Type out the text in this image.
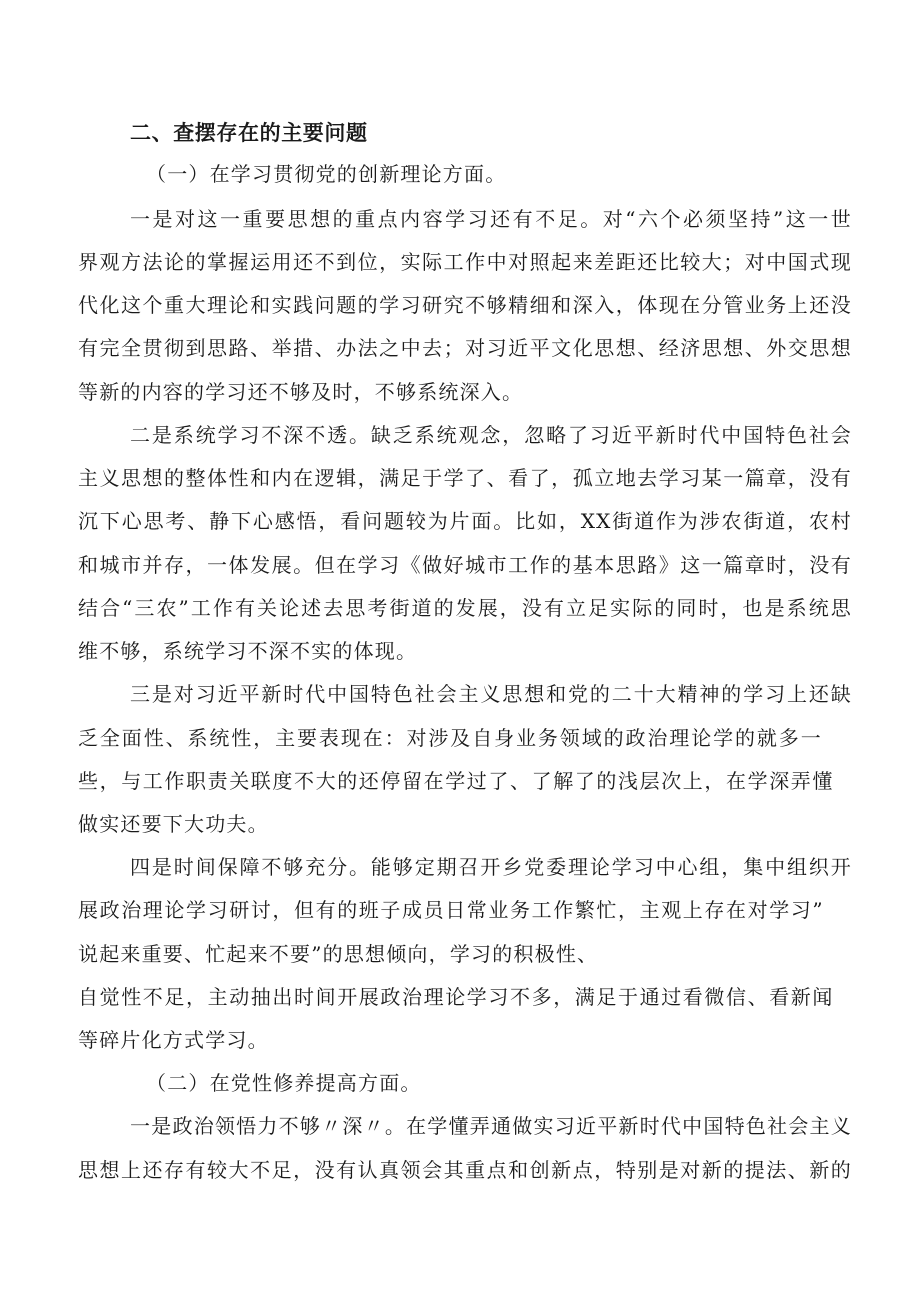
二、查摆存在的主要问题

（一）在学习贯彻党的创新理论方面。

一是对这一重要思想的重点内容学习还有不足。对“六个必须坚持”这一世

界观方法论的掌握运用还不到位，实际工作中对照起来差距还比较大；对中国式现

代化这个重大理论和实践问题的学习研究不够精细和深入，体现在分管业务上还没

有完全贯彻到思路、举措、办法之中去；对习近平文化思想、经济思想、外交思想

等新的内容的学习还不够及时，不够系统深入。

二是系统学习不深不透。缺乏系统观念，忽略了习近平新时代中国特色社会

主义思想的整体性和内在逻辑，满足于学了、看了，孤立地去学习某一篇章，没有

沉下心思考、静下心感悟，看问题较为片面。比如，XX街道作为涉农街道，农村

和城市并存，一体发展。但在学习《做好城市工作的基本思路》这一篇章时，没有

结合“三农”工作有关论述去思考街道的发展，没有立足实际的同时，也是系统思

维不够，系统学习不深不实的体现。

三是对习近平新时代中国特色社会主义思想和党的二十大精神的学习上还缺

乏全面性、系统性，主要表现在：对涉及自身业务领域的政治理论学的就多一

些，与工作职责关联度不大的还停留在学过了、了解了的浅层次上，在学深弄懂

做实还要下大功夫。

四是时间保障不够充分。能够定期召开乡党委理论学习中心组，集中组织开

展政治理论学习研讨，但有的班子成员日常业务工作繁忙，主观上存在对学习”

说起来重要、忙起来不要”的思想倾向，学习的积极性、

自觉性不足，主动抽出时间开展政治理论学习不多，满足于通过看微信、看新闻

等碎片化方式学习。

（二）在党性修养提高方面。

一是政治领悟力不够〃深〃。在学懂弄通做实习近平新时代中国特色社会主义

思想上还存有较大不足，没有认真领会其重点和创新点，特别是对新的提法、新的
